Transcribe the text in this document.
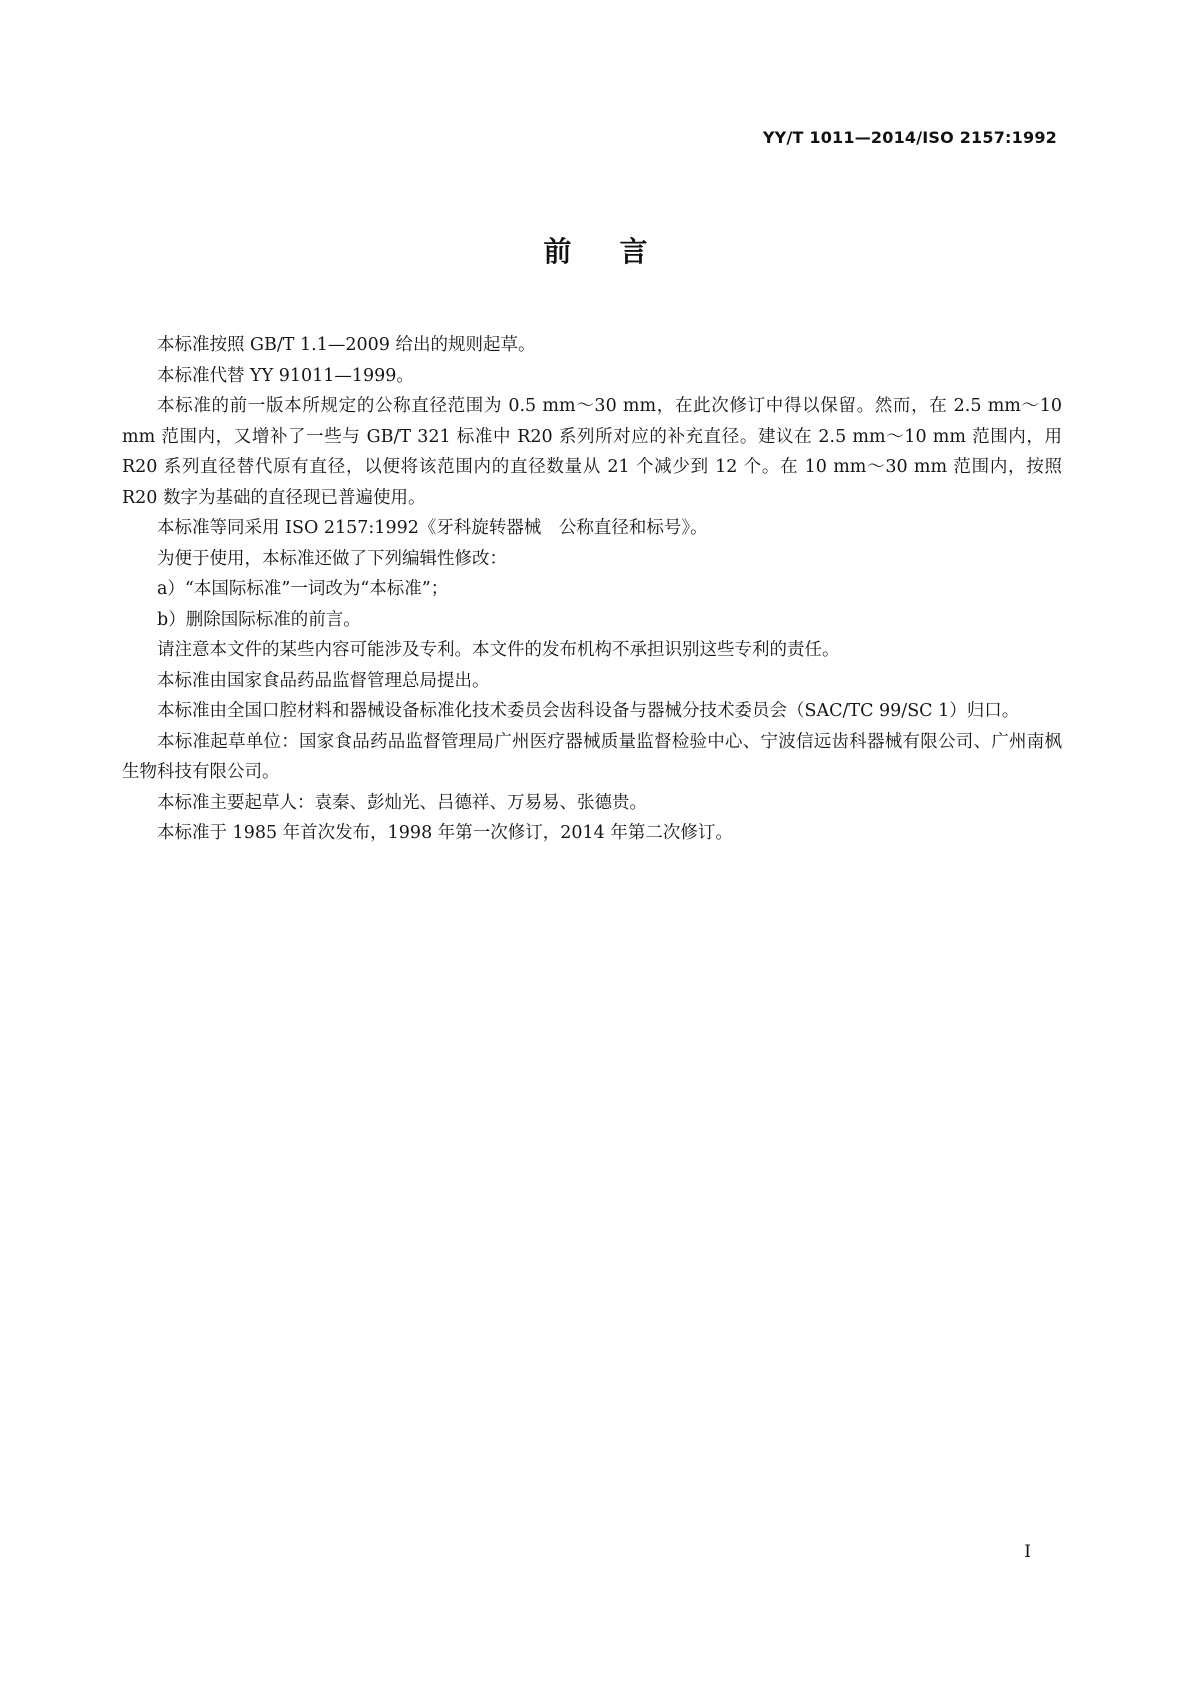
YY/T 1011—2014/ISO 2157:1992
前言

本标准按照 GB/T 1.1—2009 给出的规则起草。

本标准代替 YY 91011—1999。

本标准的前一版本所规定的公称直径范围为 0.5 mm～30 mm，在此次修订中得以保留。然而，在 2.5 mm～10 mm 范围内，又增补了一些与 GB/T 321 标准中 R20 系列所对应的补充直径。建议在 2.5 mm～10 mm 范围内，用 R20 系列直径替代原有直径，以便将该范围内的直径数量从 21 个减少到 12 个。在 10 mm～30 mm 范围内，按照 R20 数字为基础的直径现已普遍使用。

本标准等同采用 ISO 2157:1992《牙科旋转器械　公称直径和标号》。

为便于使用，本标准还做了下列编辑性修改：

a）“本国际标准”一词改为“本标准”；

b）删除国际标准的前言。

请注意本文件的某些内容可能涉及专利。本文件的发布机构不承担识别这些专利的责任。

本标准由国家食品药品监督管理总局提出。

本标准由全国口腔材料和器械设备标准化技术委员会齿科设备与器械分技术委员会（SAC/TC 99/SC 1）归口。

本标准起草单位：国家食品药品监督管理局广州医疗器械质量监督检验中心、宁波信远齿科器械有限公司、广州南枫生物科技有限公司。

本标准主要起草人：袁秦、彭灿光、吕德祥、万易易、张德贵。

本标准于 1985 年首次发布，1998 年第一次修订，2014 年第二次修订。

I
